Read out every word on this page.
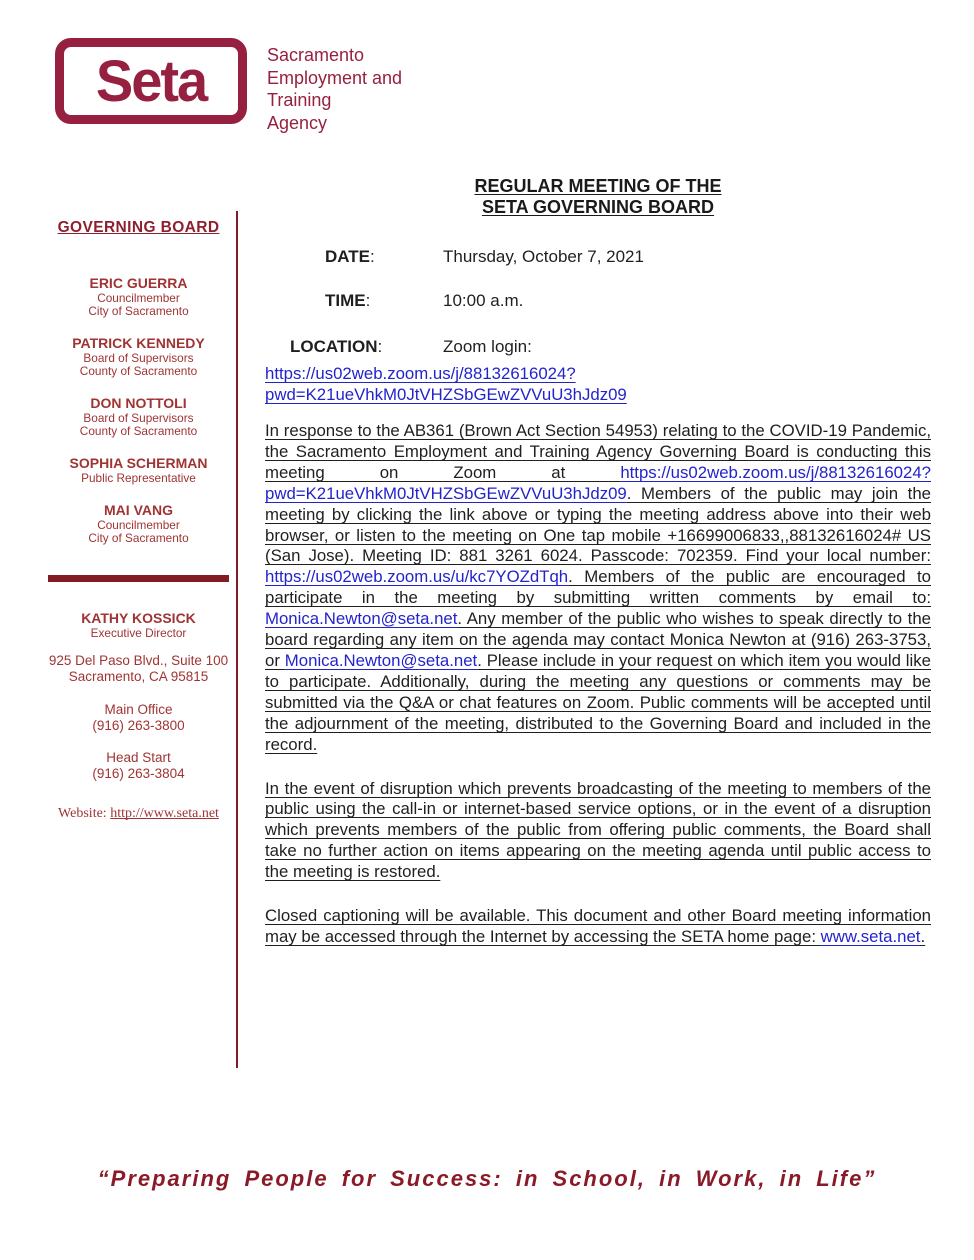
Seta	Sacramento
Employment and
Training
Agency
GOVERNING BOARD
ERIC GUERRA
Councilmember
City of Sacramento
PATRICK KENNEDY
Board of Supervisors
County of Sacramento
DON NOTTOLI
Board of Supervisors
County of Sacramento
SOPHIA SCHERMAN
Public Representative
MAI VANG
Councilmember
City of Sacramento
KATHY KOSSICK
Executive Director
925 Del Paso Blvd., Suite 100
Sacramento, CA 95815
Main Office
(916) 263-3800
Head Start
(916) 263-3804
Website: http://www.seta.net
REGULAR MEETING OF THE
SETA GOVERNING BOARD
DATE:	Thursday, October 7, 2021
TIME:	10:00 a.m.
LOCATION:	Zoom login:
https://us02web.zoom.us/j/88132616024?pwd=K21ueVhkM0JtVHZSbGEwZVVuU3hJdz09

In response to the AB361 (Brown Act Section 54953) relating to the COVID-19 Pandemic, the Sacramento Employment and Training Agency Governing Board is conducting this meeting on Zoom at https://us02web.zoom.us/j/88132616024?pwd=K21ueVhkM0JtVHZSbGEwZVVuU3hJdz09. Members of the public may join the meeting by clicking the link above or typing the meeting address above into their web browser, or listen to the meeting on One tap mobile +16699006833,,88132616024# US (San Jose). Meeting ID: 881 3261 6024. Passcode: 702359. Find your local number: https://us02web.zoom.us/u/kc7YOZdTqh. Members of the public are encouraged to participate in the meeting by submitting written comments by email to: Monica.Newton@seta.net. Any member of the public who wishes to speak directly to the board regarding any item on the agenda may contact Monica Newton at (916) 263-3753, or Monica.Newton@seta.net. Please include in your request on which item you would like to participate. Additionally, during the meeting any questions or comments may be submitted via the Q&A or chat features on Zoom. Public comments will be accepted until the adjournment of the meeting, distributed to the Governing Board and included in the record.

In the event of disruption which prevents broadcasting of the meeting to members of the public using the call-in or internet-based service options, or in the event of a disruption which prevents members of the public from offering public comments, the Board shall take no further action on items appearing on the meeting agenda until public access to the meeting is restored.

Closed captioning will be available. This document and other Board meeting information may be accessed through the Internet by accessing the SETA home page: www.seta.net.

“Preparing People for Success: in School, in Work, in Life”
